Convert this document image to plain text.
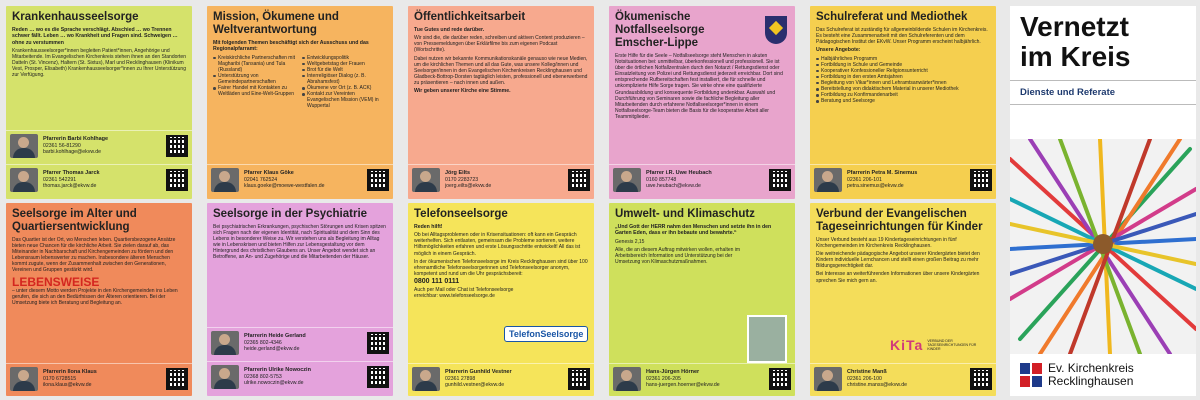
Krankenhausseelsorge
Reden … wo es die Sprache verschlägt. Abschied … wo Trennen schwer fällt. Leben … wo Krankheit und Fragen sind. Schweigen … ohne zu verstummen

Krankenhausseelsorger*innen begleiten Patient*innen, Angehörige und Mitarbeitende. Im Evangelischen Kirchenkreis stehen ihnen an den Standorten Datteln (St. Vincenz), Haltern (St. Sixtus), Marl und Recklinghausen (Klinikum Vest, Prosper, Elisabeth) Krankenhausseelsorger*innen zu Ihrer Unterstützung zur Verfügung.

Pfarrerin Barbi Kohlhage
02361 56-81290
barbi.kohlhage@ekvw.de
Pfarrer Thomas Jarck
02361 542291
thomas.jarck@ekvw.de
Seelsorge im Alter und Quartiersentwicklung

Das Quartier ist der Ort, wo Menschen leben. Quartiersbezogene Ansätze bieten neue Chancen für die kirchliche Arbeit. Sie zielen darauf ab, das Miteinander in Nachbarschaft und Kirchengemeinden zu fördern und den Lebensraum lebenswerter zu machen. Insbesondere älteren Menschen kommt zugute, wenn der Zusammenhalt zwischen den Generationen, Vereinen und Gruppen gestärkt wird.

LEBENSWEISE

– unter diesem Motto werden Projekte in den Kirchengemeinden ins Leben gerufen, die sich an den Bedürfnissen der Älteren orientieren. Bei der Umsetzung biete ich Beratung und Begleitung an.

Pfarrerin Ilona Klaus
0170 6728515
ilona.klaus@ekvw.de
Mission, Ökumene und Weltverantwortung
Mit folgenden Themen beschäftigt sich der Ausschuss und das Regionalpfarramt:
Kreiskirchliche Partnerschaften mit Magharibi (Tansania) und Tula (Russland)
Unterstützung von Gemeindepartnerschaften
Fairer Handel mit Kontakten zu Weltläden und Eine-Welt-Gruppen
Entwicklungspolitik
Weltgebetstag der Frauen
Brot für die Welt
Interreligiöser Dialog (z. B. Abrahamsfest)
Ökumene vor Ort (z. B. ACK)
Kontakt zur Vereinten Evangelischen Mission (VEM) in Wuppertal
Pfarrer Klaus Göke
02041 762524
klaus.goeke@moewe-westfalen.de
Seelsorge in der Psychiatrie

Bei psychiatrischen Erkrankungen, psychischen Störungen und Krisen spitzen sich Fragen nach der eigenen Identität, nach Spiritualität und dem Sinn des Lebens in besonderer Weise zu. Wir verstehen uns als Begleitung im Alltag wie in Lebenskrisen und bieten Hilfen zur Lebensgestaltung vor dem Hintergrund des christlichen Glaubens an. Unser Angebot wendet sich an Betroffene, an An- und Zugehörige und die Mitarbeitenden der Häuser.

Pfarrerin Heide Gerland
02365 802-4346
heide.gerland@ekvw.de
Pfarrerin Ulrike Nowoczin
02368 802-5753
ulrike.nowoczin@ekvw.de
Öffentlichkeitsarbeit
Tue Gutes und rede darüber.

Wir sind die, die darüber reden, schreiben und aktiven Content produzieren – von Pressemeldungen über Erklärfilme bis zum eigenen Podcast (Wortschritte).

Dabei nutzen wir bekannte Kommunikationskanäle genauso wie neue Medien, um die kirchlichen Themen und all das Gute, was unsere Kolleg/innen und Seelsorger/innen in den Evangelischen Kirchenkreisen Recklinghausen und Gladbeck-Bottrop-Dorsten tagtäglich leisten, professionell und ebenerwerbend zu präsentieren – nach innen und außen.

Wir geben unserer Kirche eine Stimme.
Jörg Eilts
0170 2283723
joerg.eilts@ekvw.de
Telefonseelsorge
Reden hilft!

Ob bei Alltagsproblemen oder in Krisensituationen: oft kann ein Gespräch weiterhelfen. Sich entlasten, gemeinsam die Probleme sortieren, weitere Hilfsmöglichkeiten erfahren und erste Lösungsschritte entwickelt! All das ist möglich in einem Gespräch.

In der ökumenischen Telefonseelsorge im Kreis Recklinghausen sind über 100 ehrenamtliche Telefonseelsorgerinnen und Telefonseelsorger anonym, kompetent und rund um die Uhr gesprächsbereit:

0800 111 0111

Auch per Mail oder Chat ist Telefonseelsorge erreichbar: www.telefonseelsorge.de

TelefonSeelsorge
Pfarrerin Gunhild Vestner
02361 27898
gunhild.vestner@ekvw.de
Ökumenische Notfallseelsorge Emscher-Lippe

Erste Hilfe für die Seele – Notfallseelsorge steht Menschen in akuten Notsituationen bei: unmittelbar, überkonfessionell und professionell. Sie ist über die örtlichen Notfallzentralen durch den Notarzt / Rettungsdienst oder Einsatzleitung von Polizei und Rettungsdienst jederzeit erreichbar. Dort sind entsprechende Rufbereitschaften fest installiert, die für schnelle und unkomplizierte Hilfe Sorge tragen. Sie wirke ohne eine qualifizierte Grundausbildung und konsequente Fortbildung undenkbar. Auswahl und Durchführung von Seminaren sowie die fachliche Begleitung aller Mitarbeitenden durch erfahrene Notfallseelsorger*innen in einem Notfallseelsorge-Team bieten die Basis für die kooperative Arbeit aller Teammitglieder.

Pfarrer i.R. Uwe Heubach
0160 857748
uwe.heubach@ekvw.de
Umwelt- und Klimaschutz
„Und Gott der HERR nahm den Menschen und setzte ihn in den Garten Eden, dass er ihn bebaute und bewahrte.“

Genesis 2,15

Alle, die an diesem Auftrag mitwirken wollen, erhalten im Arbeitsbereich Information und Unterstützung bei der Umsetzung von Klimaschutzmaßnahmen.

Hans-Jürgen Hörner
02361 206-205
hans-juergen.hoerner@ekvw.de
Schulreferat und Mediothek

Das Schulreferat ist zuständig für allgemeinbildende Schulen im Kirchenkreis. Es besteht eine Zusammenarbeit mit den Schulreferenten und dem Pädagogischen Institut der EKvW. Unser Programm erscheint halbjährlich.

Unsere Angebote:
Halbjährliches Programm
Fortbildung in Schule und Gemeinde
Kooperativer Konfessioneller Religionsunterricht
Fortbildung in den ersten Amtsjahren
Begleitung von Vikar*innen und Lehramtsanwärter*innen
Bereitstellung von didaktischem Material in unserer Mediothek
Fortbildung zu Konfirmandenarbeit
Beratung und Seelsorge
Pfarrerin Petra M. Sinemus
02361 206-101
petra.sinemus@ekvw.de
Verbund der Evangelischen Tageseinrichtungen für Kinder

Unser Verbund besteht aus 19 Kindertageseinrichtungen in fünf Kirchengemeinden im Kirchenkreis Recklinghausen.

Die weitreichende pädagogische Angebot unserer Kindergärten bietet den Kindern individuelle Lernchancen und stellt einen großen Beitrag zu mehr Bildungsgerechtigkeit dar.

Bei Interesse an weiterführenden Informationen über unsere Kindergärten sprechen Sie mich gern an.

KiTa VERBUND DER TAGESEINRICHTUNGEN FÜR KINDER
Christine Manß
02361 206-100
christine.manss@ekvw.de
Vernetzt
im Kreis
Dienste und Referate
Ev. Kirchenkreis
Recklinghausen
